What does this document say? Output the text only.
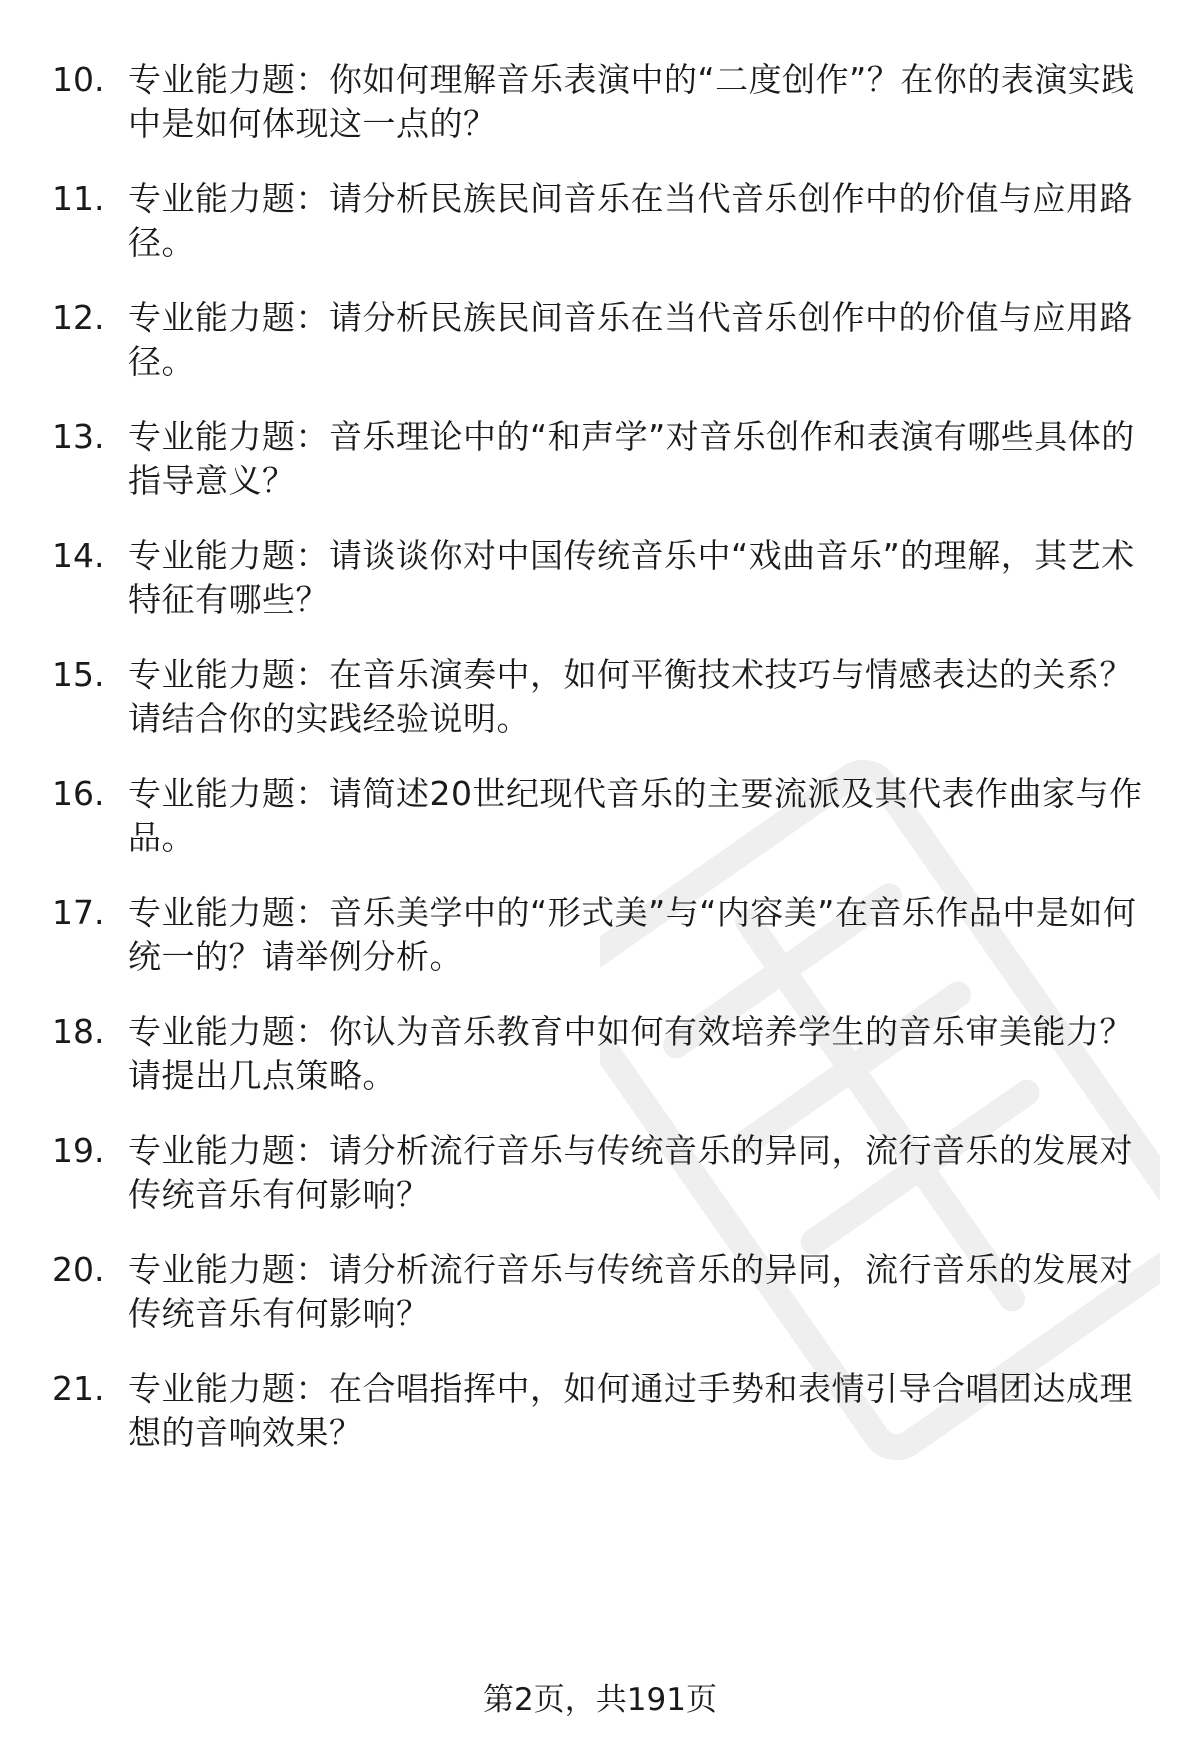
10. 专业能力题：你如何理解音乐表演中的“二度创作”？在你的表演实践中是如何体现这一点的？
11. 专业能力题：请分析民族民间音乐在当代音乐创作中的价值与应用路径。
12. 专业能力题：请分析民族民间音乐在当代音乐创作中的价值与应用路径。
13. 专业能力题：音乐理论中的“和声学”对音乐创作和表演有哪些具体的指导意义？
14. 专业能力题：请谈谈你对中国传统音乐中“戏曲音乐”的理解，其艺术特征有哪些？
15. 专业能力题：在音乐演奏中，如何平衡技术技巧与情感表达的关系？请结合你的实践经验说明。
16. 专业能力题：请简述20世纪现代音乐的主要流派及其代表作曲家与作品。
17. 专业能力题：音乐美学中的“形式美”与“内容美”在音乐作品中是如何统一的？请举例分析。
18. 专业能力题：你认为音乐教育中如何有效培养学生的音乐审美能力？请提出几点策略。
19. 专业能力题：请分析流行音乐与传统音乐的异同，流行音乐的发展对传统音乐有何影响？
20. 专业能力题：请分析流行音乐与传统音乐的异同，流行音乐的发展对传统音乐有何影响？
21. 专业能力题：在合唱指挥中，如何通过手势和表情引导合唱团达成理想的音响效果？
第2页，共191页
